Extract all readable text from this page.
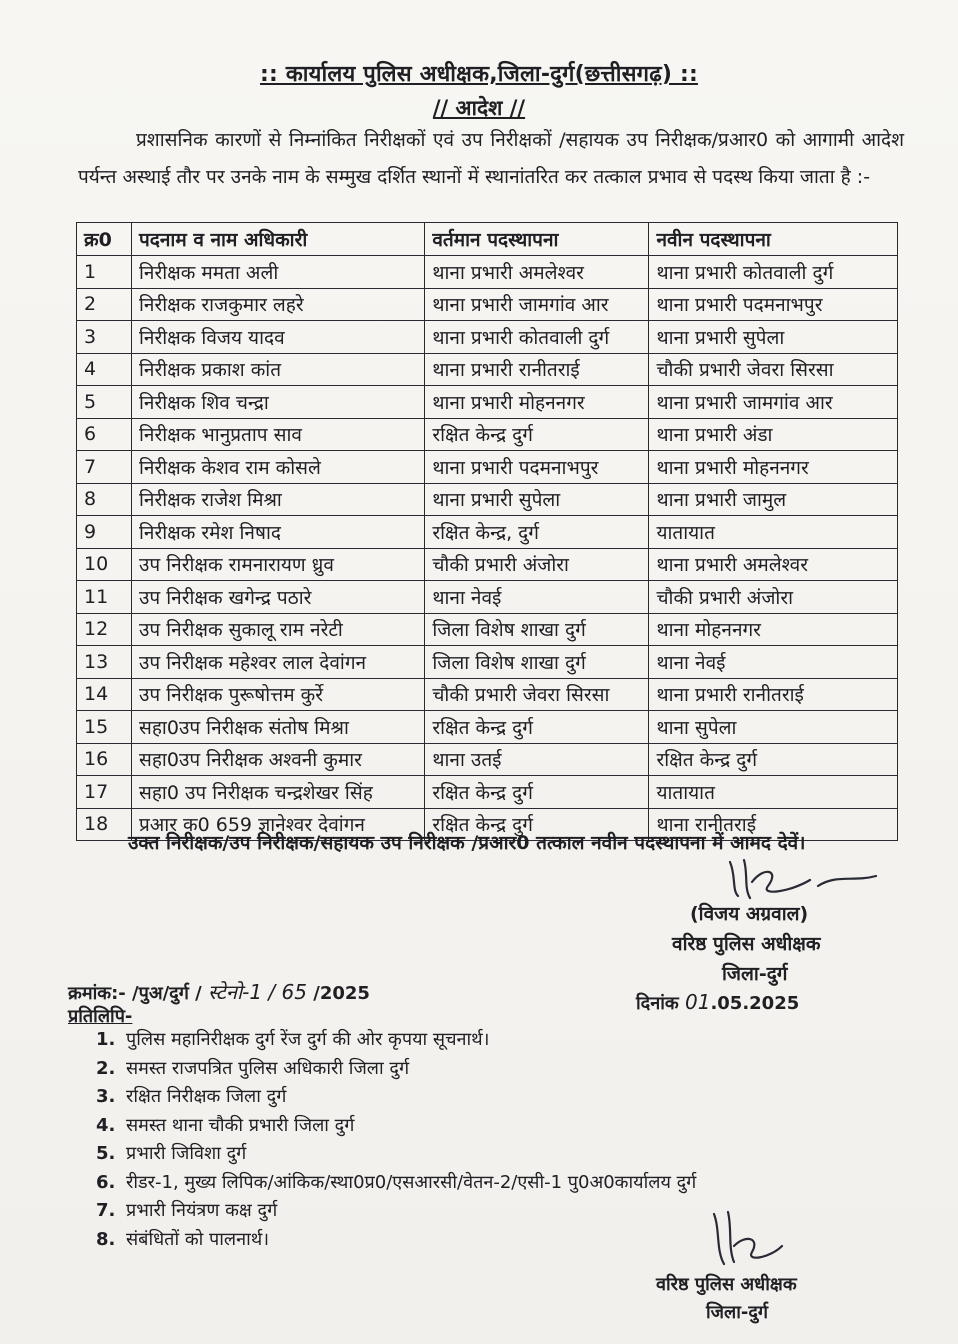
:: कार्यालय पुलिस अधीक्षक,जिला-दुर्ग(छत्तीसगढ़) ::
// आदेश //
प्रशासनिक कारणों से निम्नांकित निरीक्षकों एवं उप निरीक्षकों /सहायक उप निरीक्षक/प्रआर0 को आगामी आदेश पर्यन्त अस्थाई तौर पर उनके नाम के सम्मुख दर्शित स्थानों में स्थानांतरित कर तत्काल प्रभाव से पदस्थ किया जाता है :-
क्र0	पदनाम व नाम अधिकारी	वर्तमान पदस्थापना	नवीन पदस्थापना
1	निरीक्षक ममता अली	थाना प्रभारी अमलेश्वर	थाना प्रभारी कोतवाली दुर्ग
2	निरीक्षक राजकुमार लहरे	थाना प्रभारी जामगांव आर	थाना प्रभारी पदमनाभपुर
3	निरीक्षक विजय यादव	थाना प्रभारी कोतवाली दुर्ग	थाना प्रभारी सुपेला
4	निरीक्षक प्रकाश कांत	थाना प्रभारी रानीतराई	चौकी प्रभारी जेवरा सिरसा
5	निरीक्षक शिव चन्द्रा	थाना प्रभारी मोहननगर	थाना प्रभारी जामगांव आर
6	निरीक्षक भानुप्रताप साव	रक्षित केन्द्र दुर्ग	थाना प्रभारी अंडा
7	निरीक्षक केशव राम कोसले	थाना प्रभारी पदमनाभपुर	थाना प्रभारी मोहननगर
8	निरीक्षक राजेश मिश्रा	थाना प्रभारी सुपेला	थाना प्रभारी जामुल
9	निरीक्षक रमेश निषाद	रक्षित केन्द्र, दुर्ग	यातायात
10	उप निरीक्षक रामनारायण ध्रुव	चौकी प्रभारी अंजोरा	थाना प्रभारी अमलेश्वर
11	उप निरीक्षक खगेन्द्र पठारे	थाना नेवई	चौकी प्रभारी अंजोरा
12	उप निरीक्षक सुकालू राम नरेटी	जिला विशेष शाखा दुर्ग	थाना मोहननगर
13	उप निरीक्षक महेश्वर लाल देवांगन	जिला विशेष शाखा दुर्ग	थाना नेवई
14	उप निरीक्षक पुरूषोत्तम कुर्रे	चौकी प्रभारी जेवरा सिरसा	थाना प्रभारी रानीतराई
15	सहा0उप निरीक्षक संतोष मिश्रा	रक्षित केन्द्र दुर्ग	थाना सुपेला
16	सहा0उप निरीक्षक अश्वनी कुमार	थाना उतई	रक्षित केन्द्र दुर्ग
17	सहा0 उप निरीक्षक चन्द्रशेखर सिंह	रक्षित केन्द्र दुर्ग	यातायात
18	प्रआर क0 659 ज्ञानेश्वर देवांगन	रक्षित केन्द्र दुर्ग	थाना रानीतराई
उक्त निरीक्षक/उप निरीक्षक/सहायक उप निरीक्षक /प्रआर0 तत्काल नवीन पदस्थापना में आमद देवें।
(विजय अग्रवाल)
वरिष्ठ पुलिस अधीक्षक
जिला-दुर्ग
क्रमांक:- /पुअ/दुर्ग / स्टेनो-1 / 65 /2025	दिनांक 01.05.2025
प्रतिलिपि-
1. पुलिस महानिरीक्षक दुर्ग रेंज दुर्ग की ओर कृपया सूचनार्थ।
2. समस्त राजपत्रित पुलिस अधिकारी जिला दुर्ग
3. रक्षित निरीक्षक जिला दुर्ग
4. समस्त थाना चौकी प्रभारी जिला दुर्ग
5. प्रभारी जिविशा दुर्ग
6. रीडर-1, मुख्य लिपिक/आंकिक/स्था0प्र0/एसआरसी/वेतन-2/एसी-1 पु0अ0कार्यालय दुर्ग
7. प्रभारी नियंत्रण कक्ष दुर्ग
8. संबंधितों को पालनार्थ।
वरिष्ठ पुलिस अधीक्षक
जिला-दुर्ग
